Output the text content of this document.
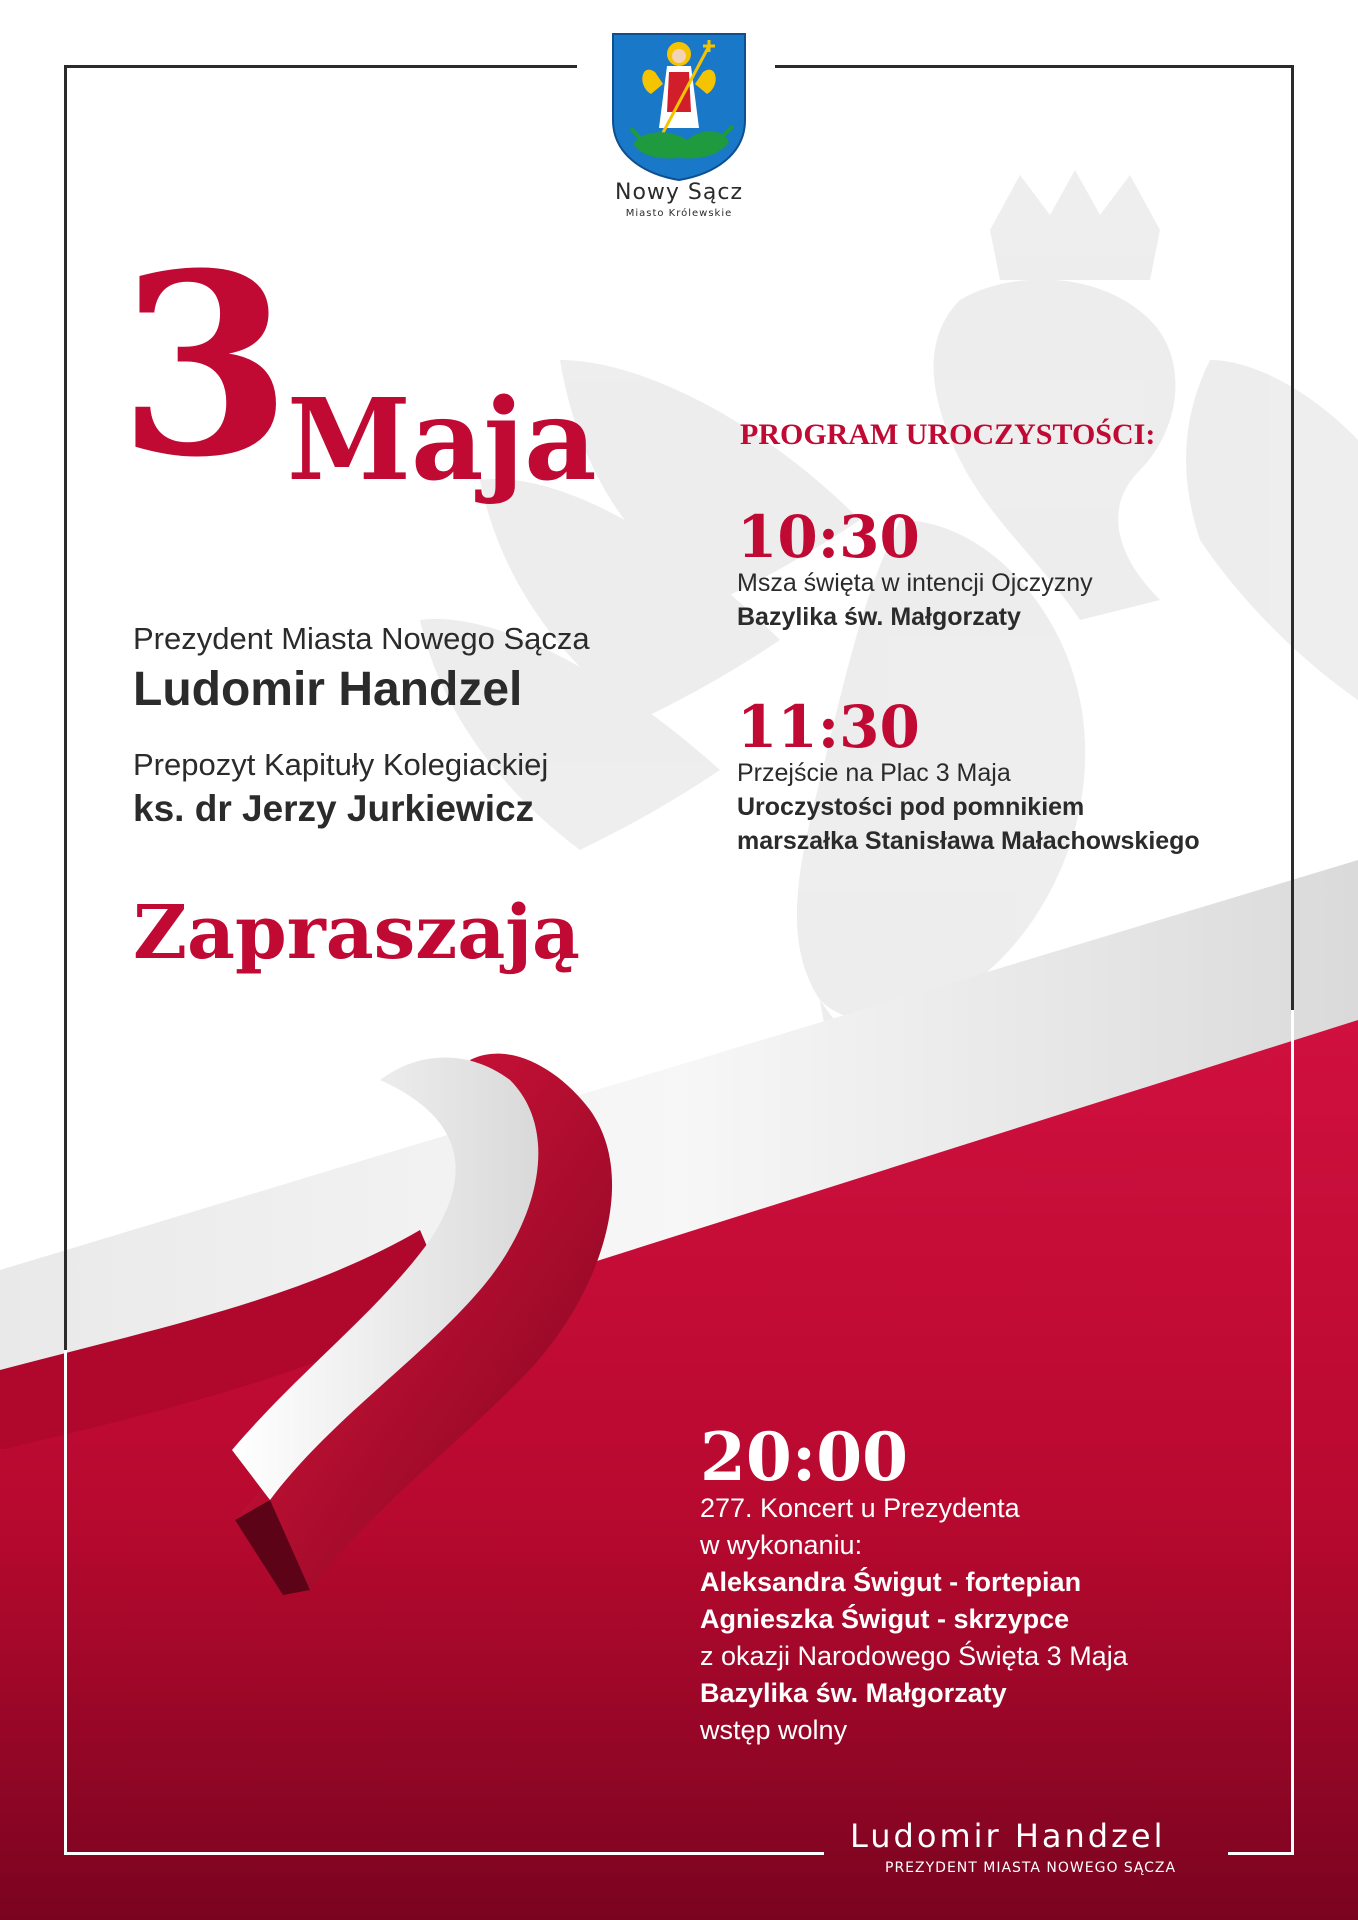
Nowy Sącz
Miasto Królewskie
3
Maja
Prezydent Miasta Nowego Sącza
Ludomir Handzel
Prepozyt Kapituły Kolegiackiej
ks. dr Jerzy Jurkiewicz
Zapraszają
PROGRAM UROCZYSTOŚCI:
10:30
Msza święta w intencji Ojczyzny
Bazylika św. Małgorzaty
11:30
Przejście na Plac 3 Maja
Uroczystości pod pomnikiem
marszałka Stanisława Małachowskiego
20:00
277. Koncert u Prezydenta
w wykonaniu:
Aleksandra Świgut - fortepian
Agnieszka Świgut - skrzypce
z okazji Narodowego Święta 3 Maja
Bazylika św. Małgorzaty
wstęp wolny
Ludomir Handzel
PREZYDENT MIASTA NOWEGO SĄCZA
